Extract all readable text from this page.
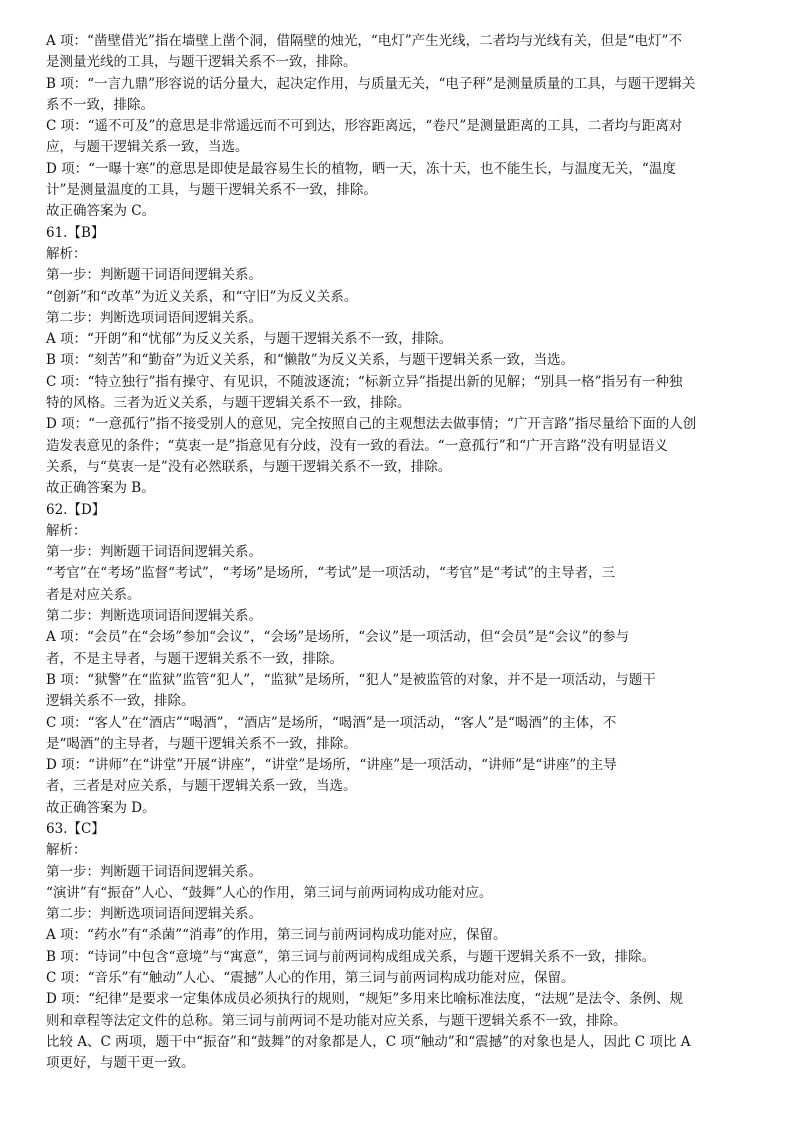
A 项：“凿壁借光”指在墙壁上凿个洞，借隔壁的烛光，“电灯”产生光线，二者均与光线有关，但是“电灯”不
是测量光线的工具，与题干逻辑关系不一致，排除。
B 项：“一言九鼎”形容说的话分量大，起决定作用，与质量无关，“电子秤”是测量质量的工具，与题干逻辑关
系不一致，排除。
C 项：“遥不可及”的意思是非常遥远而不可到达，形容距离远，“卷尺”是测量距离的工具，二者均与距离对
应，与题干逻辑关系一致，当选。
D 项：“一曝十寒”的意思是即使是最容易生长的植物，晒一天，冻十天，也不能生长，与温度无关，“温度
计”是测量温度的工具，与题干逻辑关系不一致，排除。
故正确答案为 C。
61.【B】
解析：
第一步：判断题干词语间逻辑关系。
“创新”和“改革”为近义关系，和“守旧”为反义关系。
第二步：判断选项词语间逻辑关系。
A 项：“开朗”和“忧郁”为反义关系，与题干逻辑关系不一致，排除。
B 项：“刻苦”和“勤奋”为近义关系，和“懒散”为反义关系，与题干逻辑关系一致，当选。
C 项：“特立独行”指有操守、有见识，不随波逐流；“标新立异”指提出新的见解；“别具一格”指另有一种独
特的风格。三者为近义关系，与题干逻辑关系不一致，排除。
D 项：“一意孤行”指不接受别人的意见，完全按照自己的主观想法去做事情；“广开言路”指尽量给下面的人创
造发表意见的条件；“莫衷一是”指意见有分歧，没有一致的看法。“一意孤行”和“广开言路”没有明显语义
关系，与“莫衷一是”没有必然联系，与题干逻辑关系不一致，排除。
故正确答案为 B。
62.【D】
解析：
第一步：判断题干词语间逻辑关系。
“考官”在“考场”监督“考试”，“考场”是场所，“考试”是一项活动，“考官”是“考试”的主导者，三
者是对应关系。
第二步：判断选项词语间逻辑关系。
A 项：“会员”在“会场”参加“会议”，“会场”是场所，“会议”是一项活动，但“会员”是“会议”的参与
者，不是主导者，与题干逻辑关系不一致，排除。
B 项：“狱警”在“监狱”监管“犯人”，“监狱”是场所，“犯人”是被监管的对象，并不是一项活动，与题干
逻辑关系不一致，排除。
C 项：“客人”在“酒店”“喝酒”，“酒店”是场所，“喝酒”是一项活动，“客人”是“喝酒”的主体，不
是“喝酒”的主导者，与题干逻辑关系不一致，排除。
D 项：“讲师”在“讲堂”开展“讲座”，“讲堂”是场所，“讲座”是一项活动，“讲师”是“讲座”的主导
者，三者是对应关系，与题干逻辑关系一致，当选。
故正确答案为 D。
63.【C】
解析：
第一步：判断题干词语间逻辑关系。
“演讲”有“振奋”人心、“鼓舞”人心的作用，第三词与前两词构成功能对应。
第二步：判断选项词语间逻辑关系。
A 项：“药水”有“杀菌”“消毒”的作用，第三词与前两词构成功能对应，保留。
B 项：“诗词”中包含“意境”与“寓意”，第三词与前两词构成组成关系，与题干逻辑关系不一致，排除。
C 项：“音乐”有“触动”人心、“震撼”人心的作用，第三词与前两词构成功能对应，保留。
D 项：“纪律”是要求一定集体成员必须执行的规则，“规矩”多用来比喻标准法度，“法规”是法令、条例、规
则和章程等法定文件的总称。第三词与前两词不是功能对应关系，与题干逻辑关系不一致，排除。
比较 A、C 两项，题干中“振奋”和“鼓舞”的对象都是人，C 项“触动”和“震撼”的对象也是人，因此 C 项比 A
项更好，与题干更一致。
